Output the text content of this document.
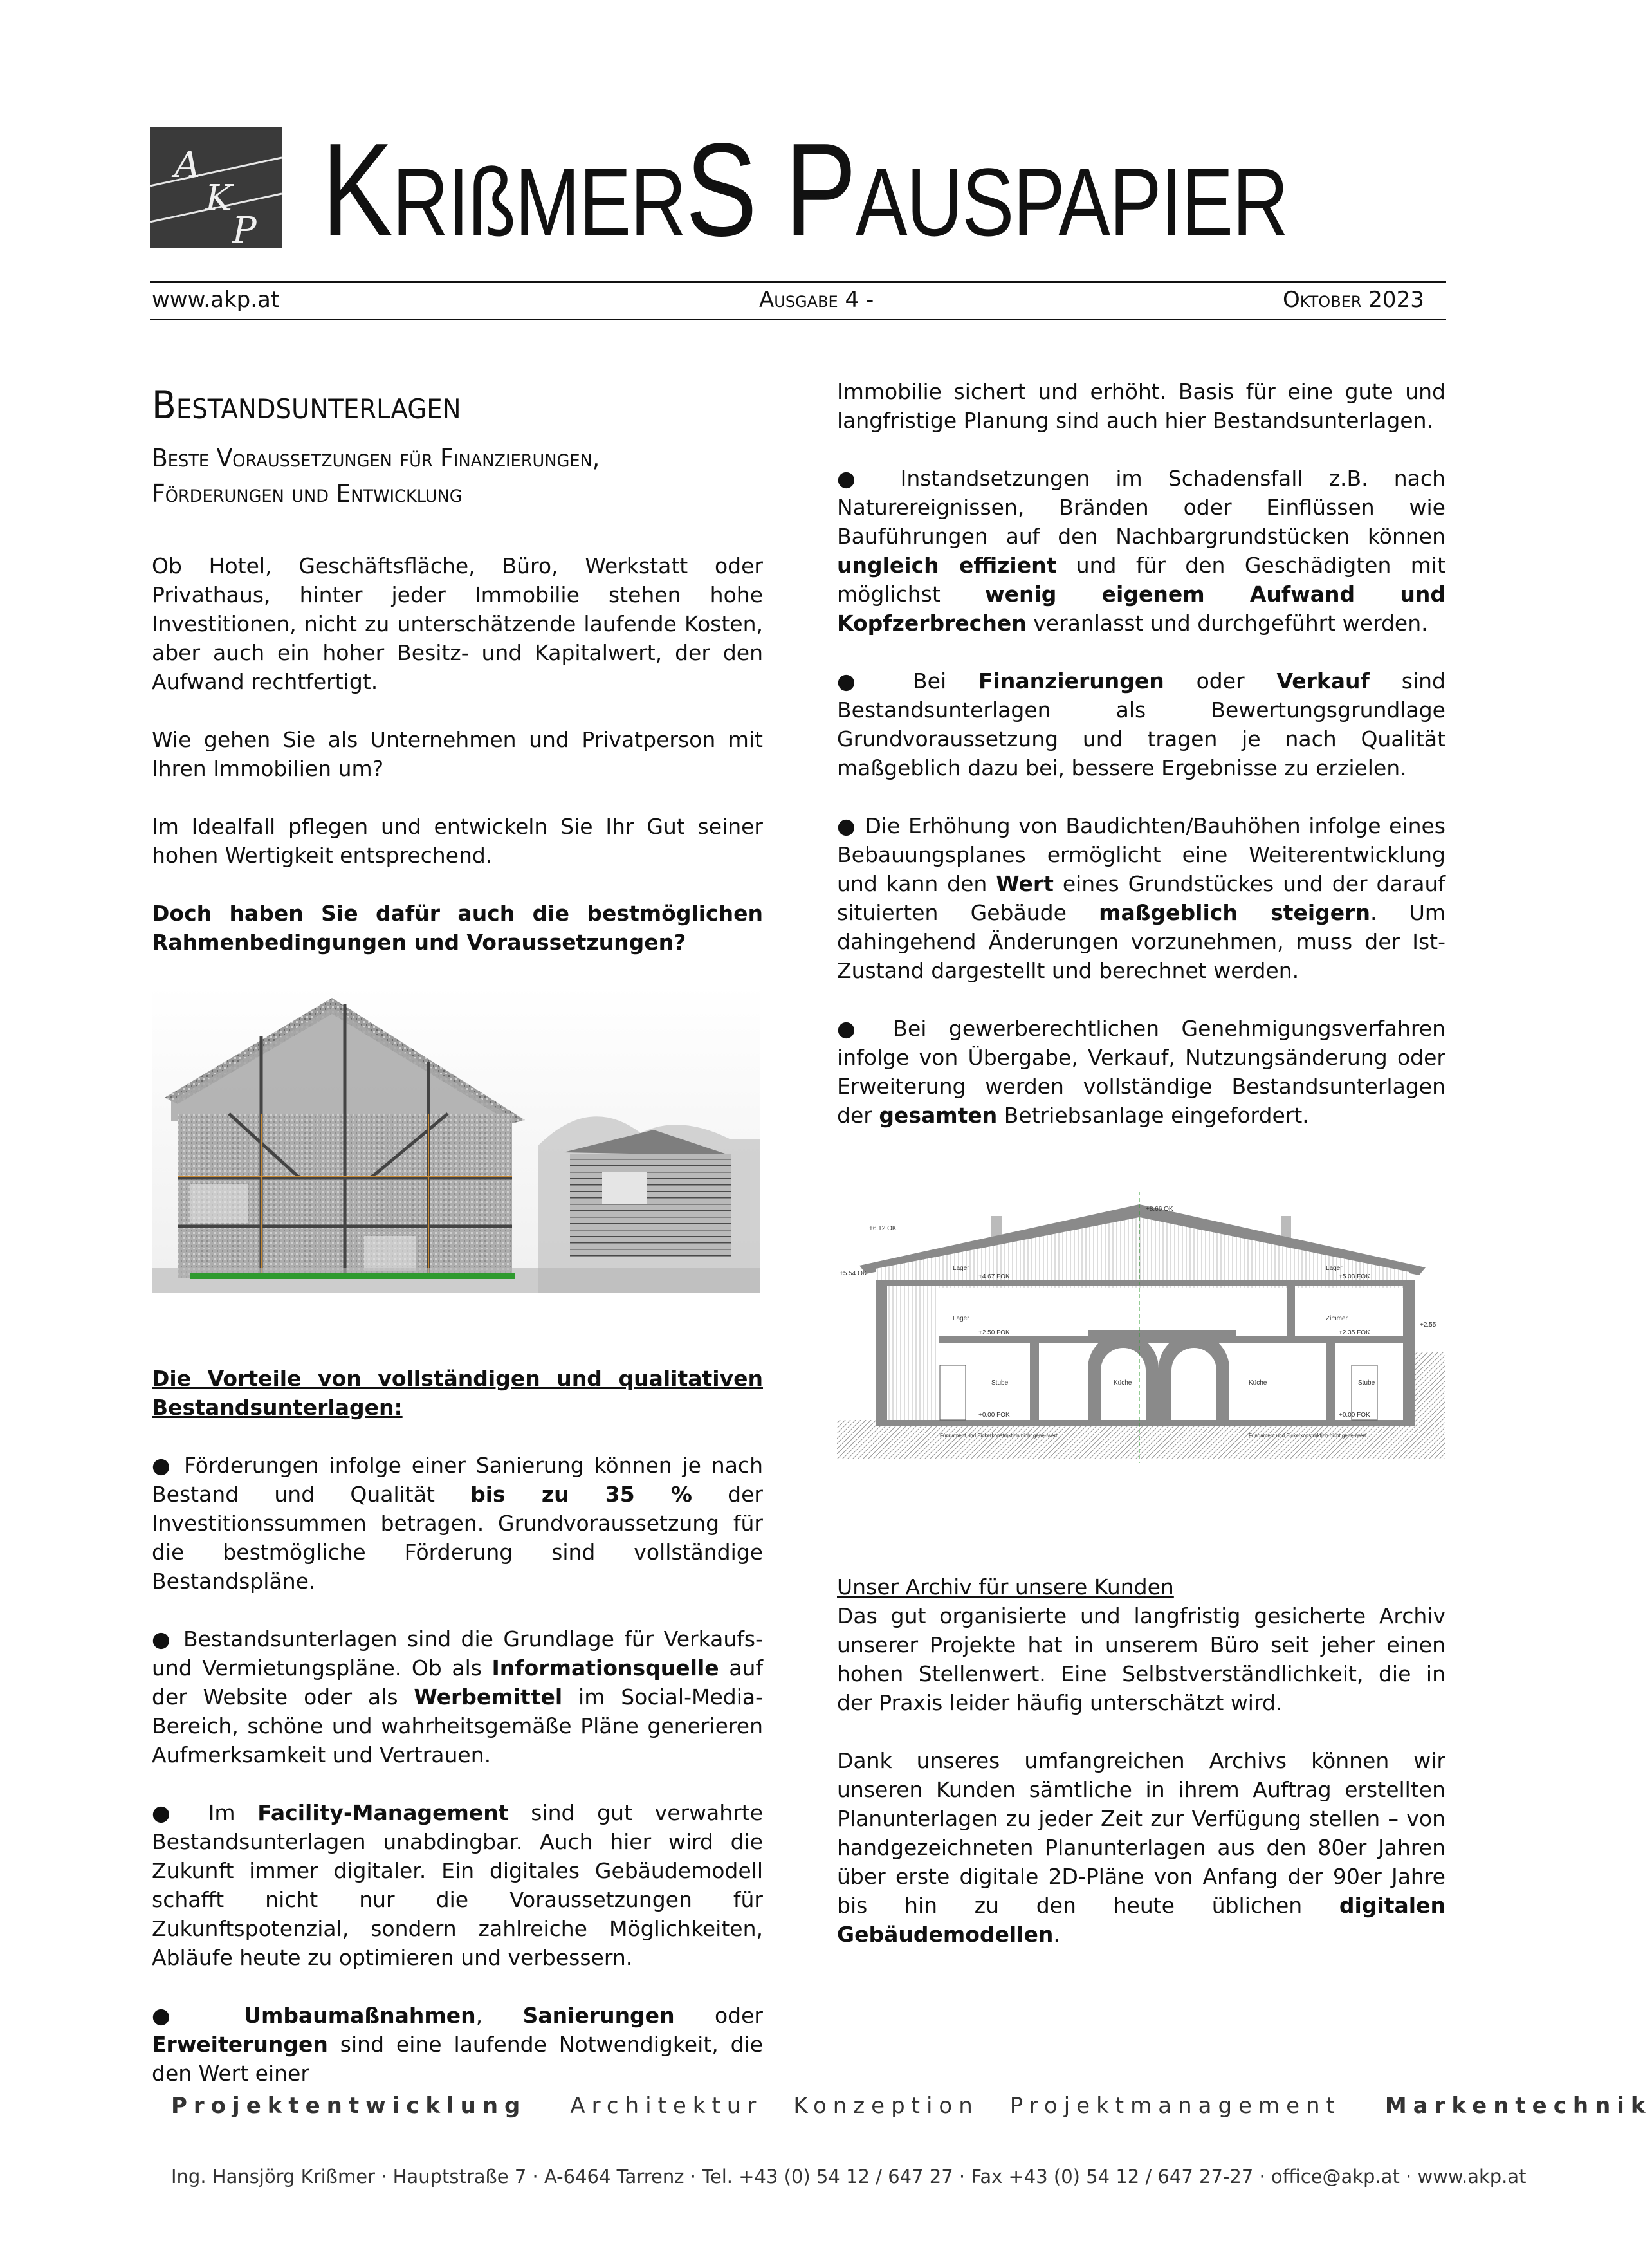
A
K
P KRIßMERS PAUSPAPIER
www.akp.at	Ausgabe 4 -	Oktober 2023
Bestandsunterlagen
Beste Voraussetzungen für Finanzierungen, Förderungen und Entwicklung

Ob Hotel, Geschäftsfläche, Büro, Werkstatt oder Privathaus, hinter jeder Immobilie stehen hohe Investitionen, nicht zu unterschätzende laufende Kosten, aber auch ein hoher Besitz- und Kapitalwert, der den Aufwand rechtfertigt.

Wie gehen Sie als Unternehmen und Privatperson mit Ihren Immobilien um?

Im Idealfall pflegen und entwickeln Sie Ihr Gut seiner hohen Wertigkeit entsprechend.

Doch haben Sie dafür auch die bestmöglichen Rahmenbedingungen und Voraussetzungen?

Die Vorteile von vollständigen und qualitativen Bestandsunterlagen:

● Förderungen infolge einer Sanierung können je nach Bestand und Qualität bis zu 35 % der Investitionssummen betragen. Grundvoraussetzung für die bestmögliche Förderung sind vollständige Bestandspläne.

● Bestandsunterlagen sind die Grundlage für Verkaufs- und Vermietungspläne. Ob als Informationsquelle auf der Website oder als Werbemittel im Social-Media-Bereich, schöne und wahrheitsgemäße Pläne generieren Aufmerksamkeit und Vertrauen.

● Im Facility-Management sind gut verwahrte Bestandsunterlagen unabdingbar. Auch hier wird die Zukunft immer digitaler. Ein digitales Gebäudemodell schafft nicht nur die Voraussetzungen für Zukunftspotenzial, sondern zahlreiche Möglichkeiten, Abläufe heute zu optimieren und verbessern.

● Umbaumaßnahmen, Sanierungen oder Erweiterungen sind eine laufende Notwendigkeit, die den Wert einer

Immobilie sichert und erhöht. Basis für eine gute und langfristige Planung sind auch hier Bestandsunterlagen.

● Instandsetzungen im Schadensfall z.B. nach Naturereignissen, Bränden oder Einflüssen wie Bauführungen auf den Nachbargrundstücken können ungleich effizient und für den Geschädigten mit möglichst wenig eigenem Aufwand und Kopfzerbrechen veranlasst und durchgeführt werden.

● Bei Finanzierungen oder Verkauf sind Bestandsunterlagen als Bewertungsgrundlage Grundvoraussetzung und tragen je nach Qualität maßgeblich dazu bei, bessere Ergebnisse zu erzielen.

● Die Erhöhung von Baudichten/Bauhöhen infolge eines Bebauungsplanes ermöglicht eine Weiterentwicklung und kann den Wert eines Grundstückes und der darauf situierten Gebäude maßgeblich steigern. Um dahingehend Änderungen vorzunehmen, muss der Ist-Zustand dargestellt und berechnet werden.

● Bei gewerberechtlichen Genehmigungsverfahren infolge von Übergabe, Verkauf, Nutzungsänderung oder Erweiterung werden vollständige Bestandsunterlagen der gesamten Betriebsanlage eingefordert.

+6.12 OK
+8.66 OK
+5.54 OK
Lager	Lager
+4.67 FOK	+5.03 FOK
Lager	Zimmer
+2.50 FOK	+2.35 FOK
Stube	Küche	Küche	Stube
+0.00 FOK	+0.00 FOK
Fundament und Sickerkonstruktion nicht geneuwert	Fundament und Sickerkonstruktion nicht geneuwert
+2.55

Unser Archiv für unsere Kunden

Das gut organisierte und langfristig gesicherte Archiv unserer Projekte hat in unserem Büro seit jeher einen hohen Stellenwert. Eine Selbstverständlichkeit, die in der Praxis leider häufig unterschätzt wird.

Dank unseres umfangreichen Archivs können wir unseren Kunden sämtliche in ihrem Auftrag erstellten Planunterlagen zu jeder Zeit zur Verfügung stellen – von handgezeichneten Planunterlagen aus den 80er Jahren über erste digitale 2D-Pläne von Anfang der 90er Jahre bis hin zu den heute üblichen digitalen Gebäudemodellen.

Projektentwicklung Architektur Konzeption Projektmanagement Markentechnik
Ing. Hansjörg Krißmer · Hauptstraße 7 · A-6464 Tarrenz · Tel. +43 (0) 54 12 / 647 27 · Fax +43 (0) 54 12 / 647 27-27 · office@akp.at · www.akp.at
